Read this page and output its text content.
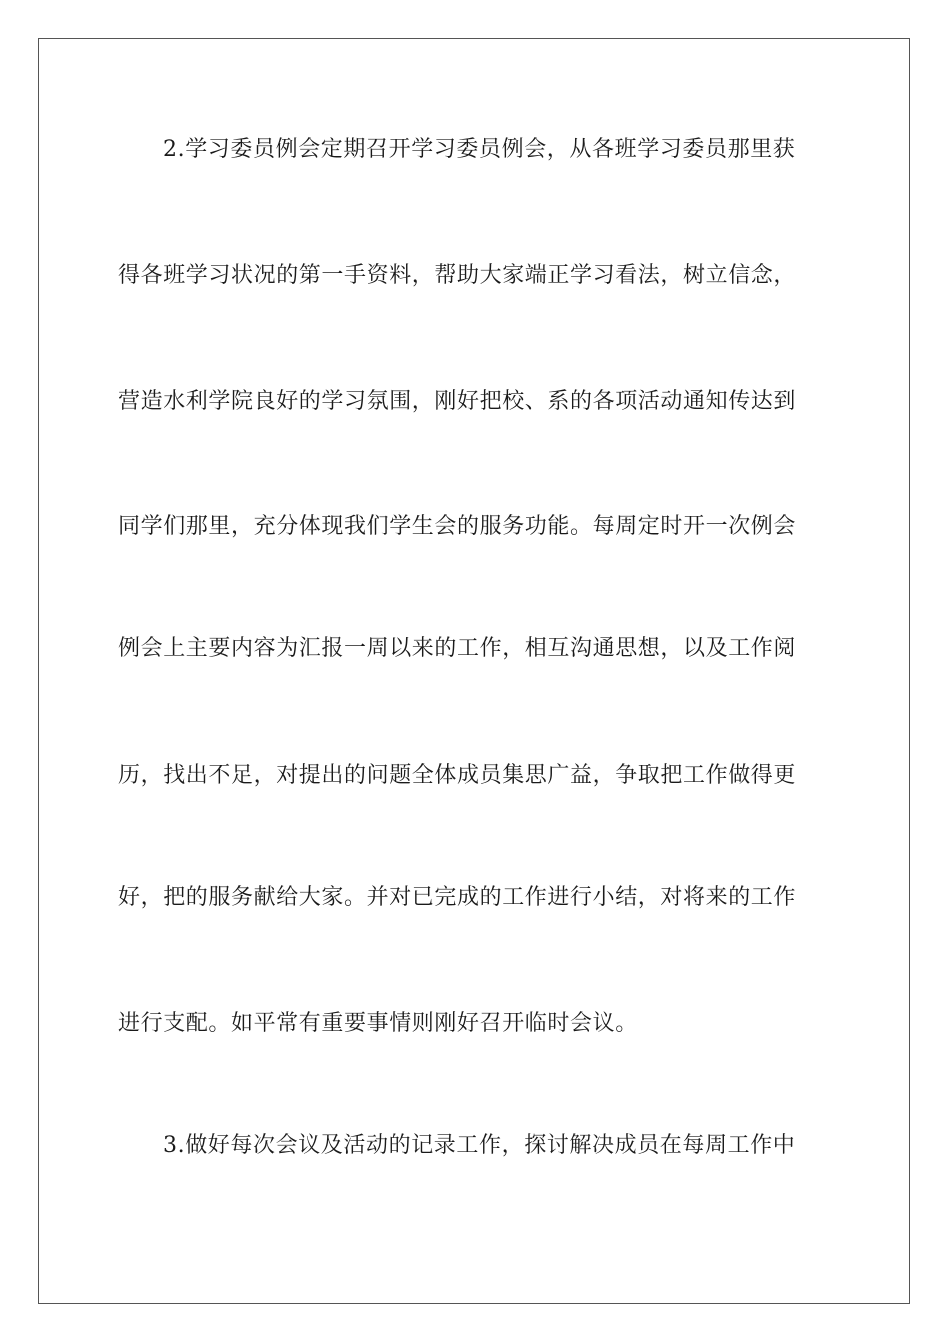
2.学习委员例会定期召开学习委员例会，从各班学习委员那里获
得各班学习状况的第一手资料，帮助大家端正学习看法，树立信念，
营造水利学院良好的学习氛围，刚好把校、系的各项活动通知传达到
同学们那里，充分体现我们学生会的服务功能。每周定时开一次例会
例会上主要内容为汇报一周以来的工作，相互沟通思想，以及工作阅
历，找出不足，对提出的问题全体成员集思广益，争取把工作做得更
好，把的服务献给大家。并对已完成的工作进行小结，对将来的工作
进行支配。如平常有重要事情则刚好召开临时会议。
3.做好每次会议及活动的记录工作，探讨解决成员在每周工作中
